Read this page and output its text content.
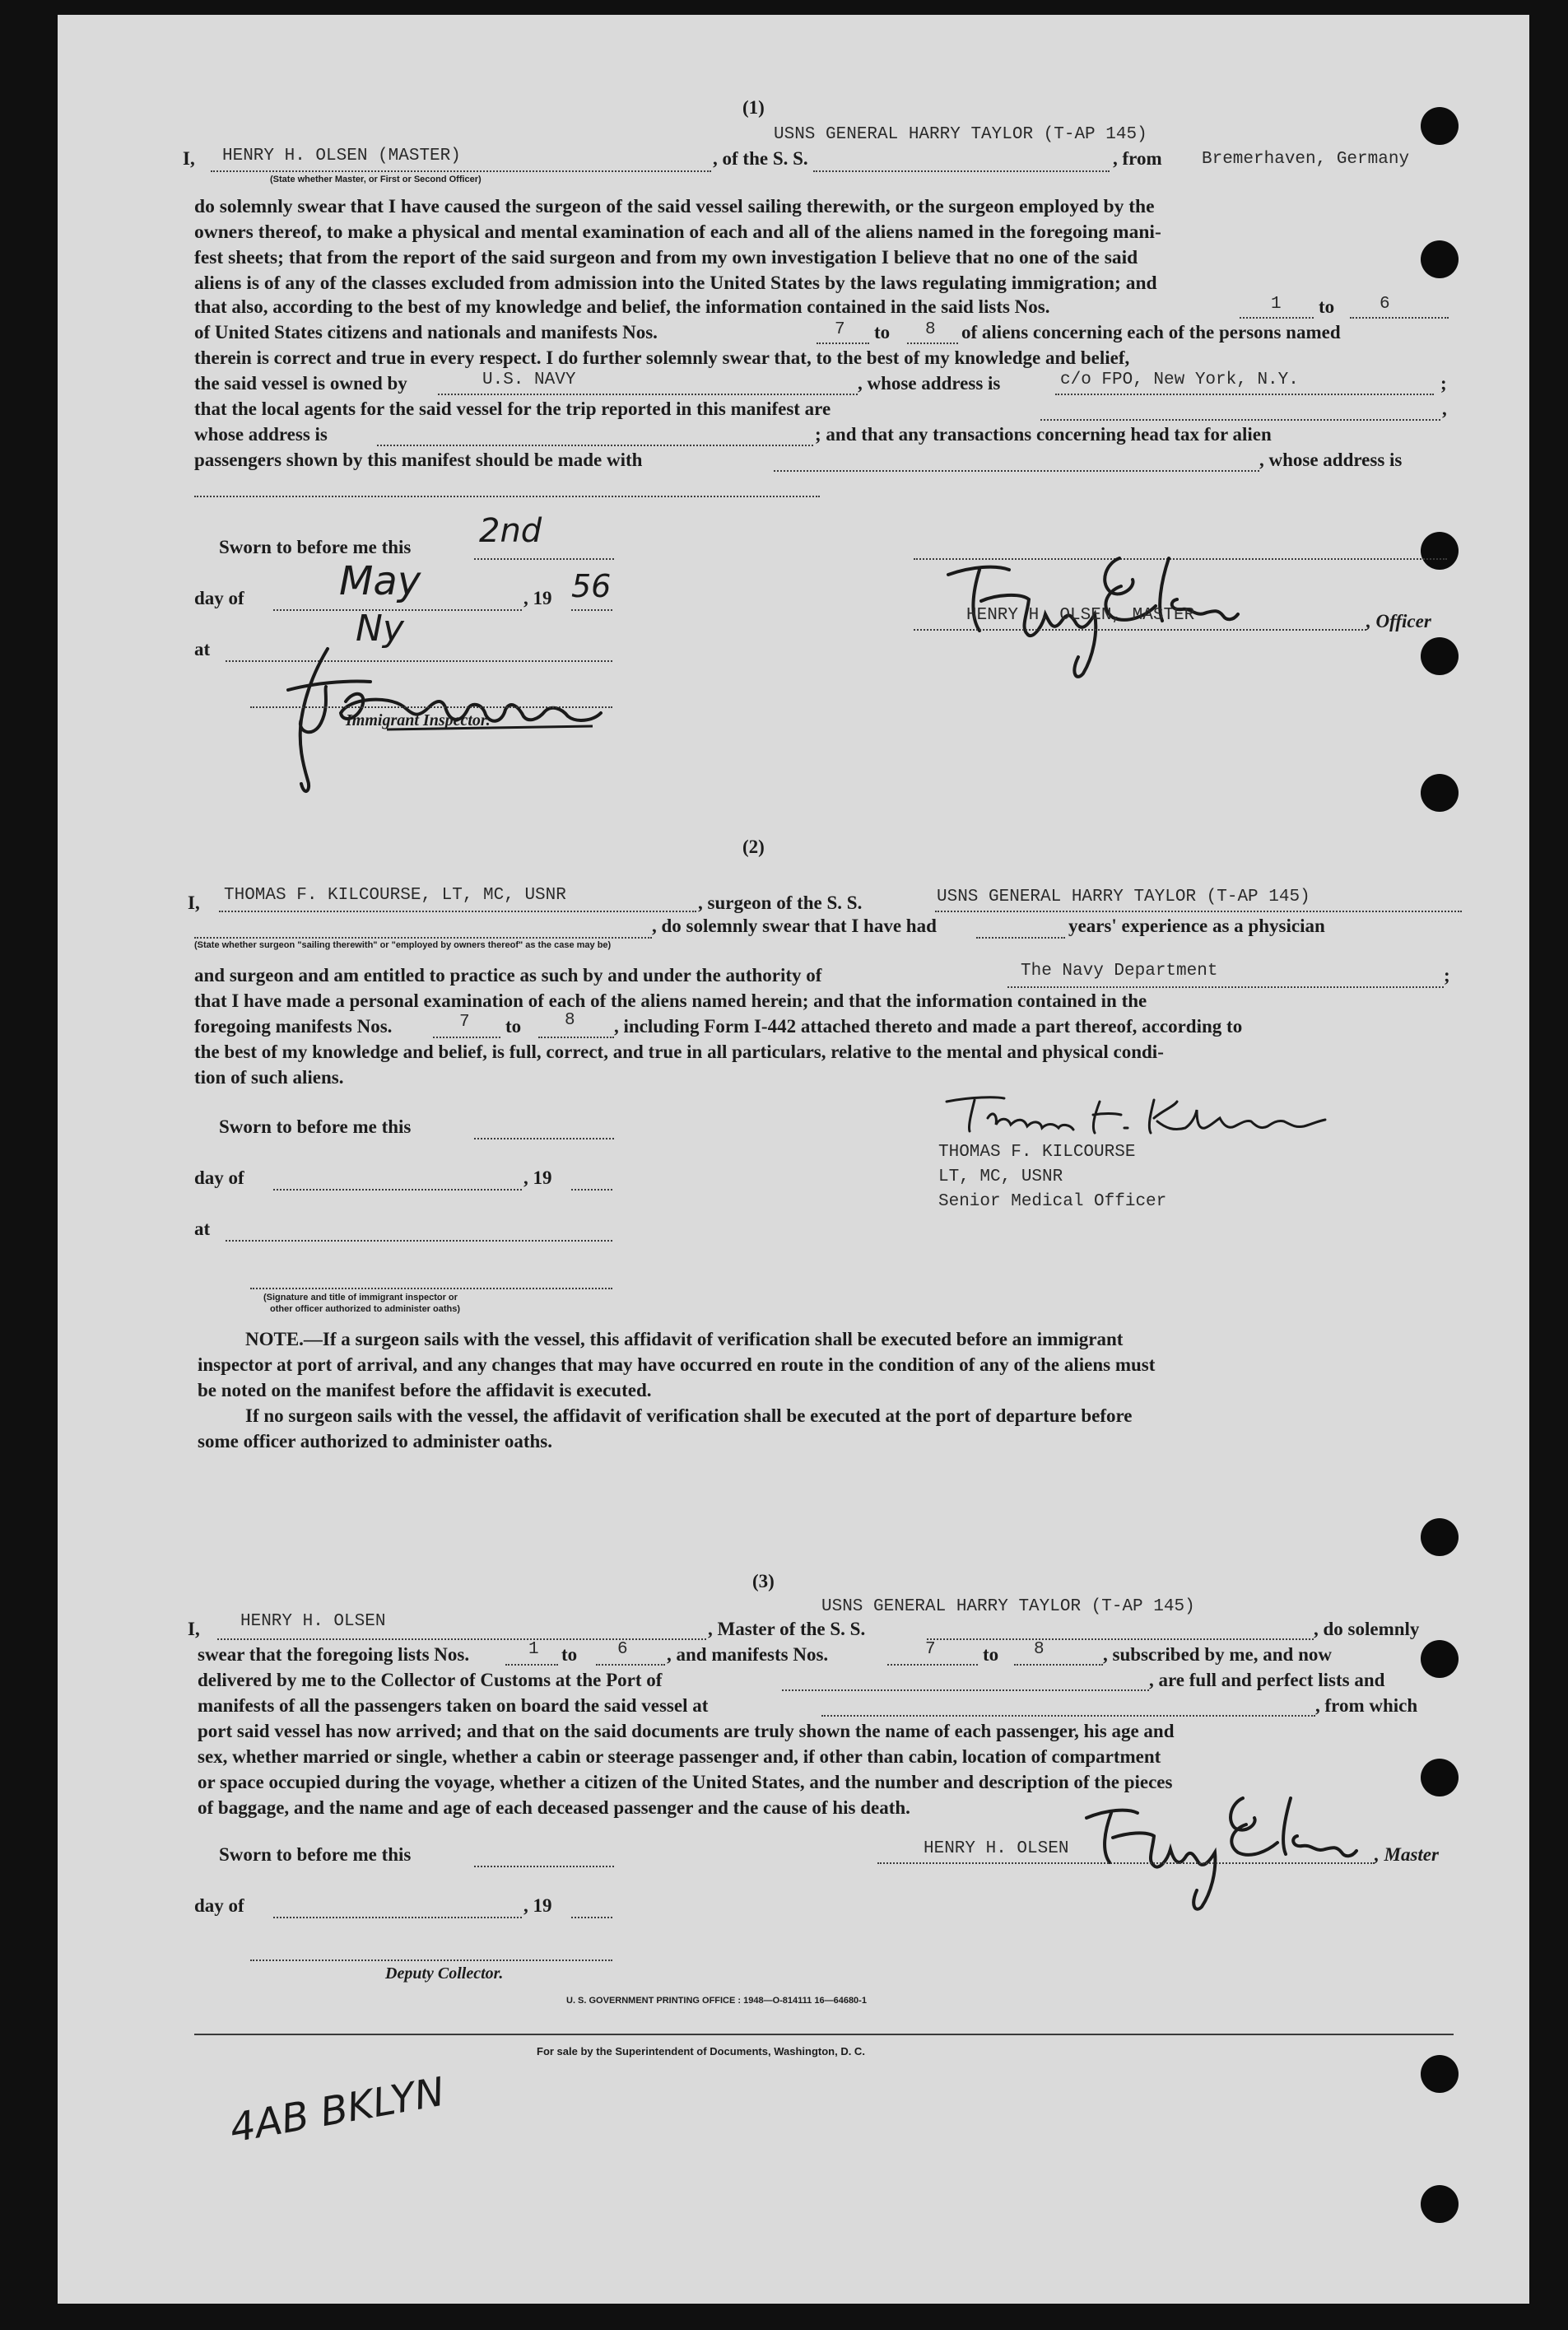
(1)
USNS GENERAL HARRY TAYLOR (T-AP 145)
I, HENRY H. OLSEN (MASTER)
(State whether Master, or First or Second Officer)
, of the S. S.	, from Bremerhaven, Germany
do solemnly swear that I have caused the surgeon of the said vessel sailing therewith, or the surgeon employed by the
owners thereof, to make a physical and mental examination of each and all of the aliens named in the foregoing mani-
fest sheets; that from the report of the said surgeon and from my own investigation I believe that no one of the said
aliens is of any of the classes excluded from admission into the United States by the laws regulating immigration; and
that also, according to the best of my knowledge and belief, the information contained in the said lists Nos.	1 to	6
of United States citizens and nationals and manifests Nos.	7 to 8 of aliens concerning each of the persons named
therein is correct and true in every respect. I do further solemnly swear that, to the best of my knowledge and belief,
the said vessel is owned by	U.S. NAVY	, whose address is	c/o FPO, New York, N.Y.	;
that the local agents for the said vessel for the trip reported in this manifest are	,
whose address is	; and that any transactions concerning head tax for alien
passengers shown by this manifest should be made with	, whose address is
Sworn to before me this 2nd
day of May	, 19 56
at	Ny
Immigrant Inspector.
HENRY H. OLSEN, MASTER	, Officer
(2)
I, THOMAS F. KILCOURSE, LT, MC, USNR	, surgeon of the S. S.	USNS GENERAL HARRY TAYLOR (T-AP 145)
, do solemnly swear that I have had	years' experience as a physician
(State whether surgeon "sailing therewith" or "employed by owners thereof" as the case may be)
and surgeon and am entitled to practice as such by and under the authority of	The Navy Department	;
that I have made a personal examination of each of the aliens named herein; and that the information contained in the
foregoing manifests Nos.	7 to	8 , including Form I-442 attached thereto and made a part thereof, according to
the best of my knowledge and belief, is full, correct, and true in all particulars, relative to the mental and physical condi-
tion of such aliens.
Sworn to before me this
day of	, 19
at
(Signature and title of immigrant inspector or
other officer authorized to administer oaths)
THOMAS F. KILCOURSE
LT, MC, USNR
Senior Medical Officer
NOTE.—If a surgeon sails with the vessel, this affidavit of verification shall be executed before an immigrant
inspector at port of arrival, and any changes that may have occurred en route in the condition of any of the aliens must
be noted on the manifest before the affidavit is executed.
If no surgeon sails with the vessel, the affidavit of verification shall be executed at the port of departure before
some officer authorized to administer oaths.
(3)
USNS GENERAL HARRY TAYLOR (T-AP 145)
I, HENRY H. OLSEN	, Master of the S. S.	, do solemnly
swear that the foregoing lists Nos.	1 to 6 , and manifests Nos.	7 to 8	, subscribed by me, and now
delivered by me to the Collector of Customs at the Port of	, are full and perfect lists and
manifests of all the passengers taken on board the said vessel at	, from which
port said vessel has now arrived; and that on the said documents are truly shown the name of each passenger, his age and
sex, whether married or single, whether a cabin or steerage passenger and, if other than cabin, location of compartment
or space occupied during the voyage, whether a citizen of the United States, and the number and description of the pieces
of baggage, and the name and age of each deceased passenger and the cause of his death.
Sworn to before me this
day of	, 19
Deputy Collector.
HENRY H. OLSEN	, Master
U. S. GOVERNMENT PRINTING OFFICE : 1948—O-814111 16—64680-1
For sale by the Superintendent of Documents, Washington, D. C.
4AB BKLYN
